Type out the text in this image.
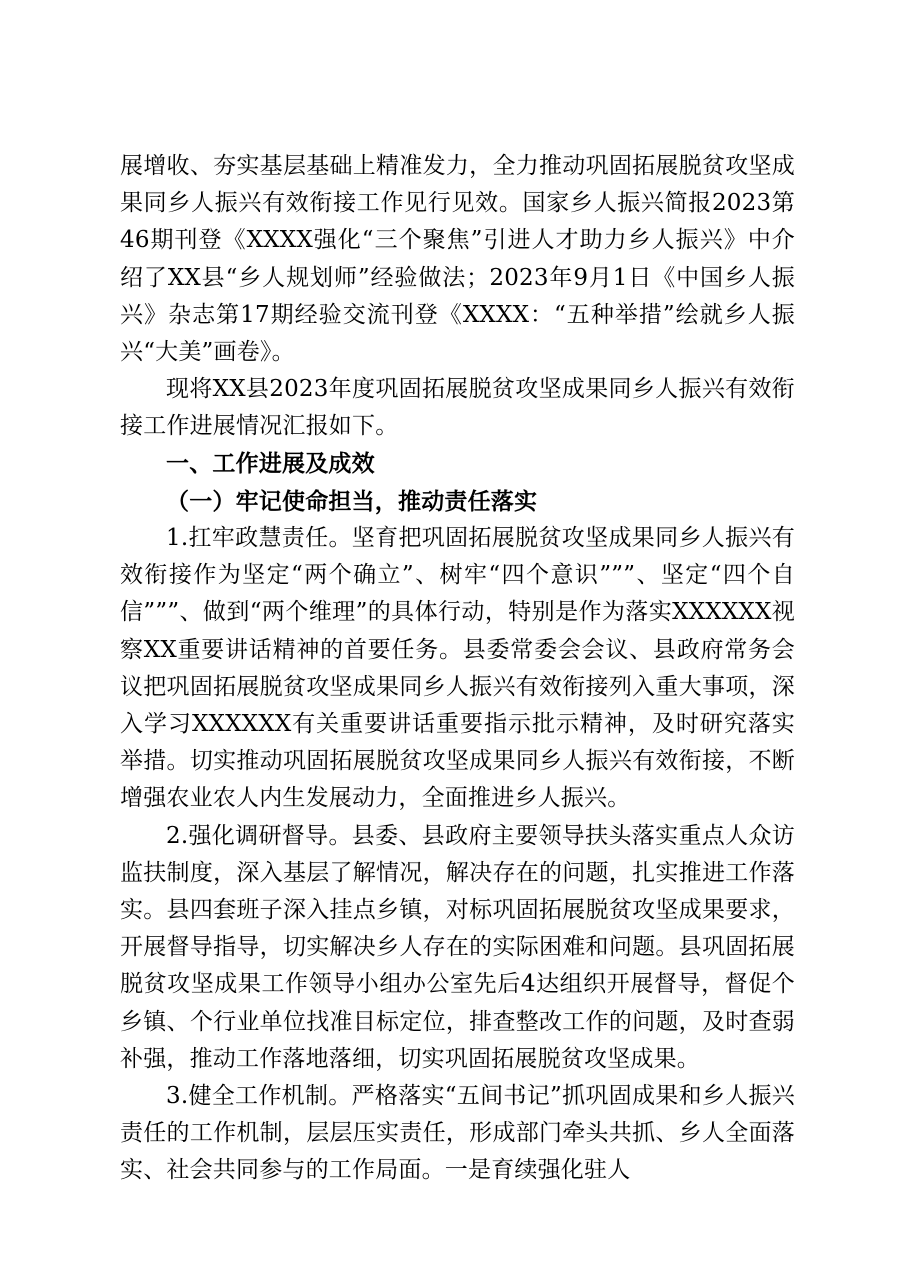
展增收、夯实基层基础上精准发力，全力推动巩固拓展脱贫攻坚成果同乡人振兴有效衔接工作见行见效。国家乡人振兴简报2023第46期刊登《XXXX强化“三个聚焦”引进人才助力乡人振兴》中介绍了XX县“乡人规划师”经验做法；2023年9月1日《中国乡人振兴》杂志第17期经验交流刊登《XXXX：“五种举措”绘就乡人振兴“大美”画卷》。

现将XX县2023年度巩固拓展脱贫攻坚成果同乡人振兴有效衔接工作进展情况汇报如下。

一、工作进展及成效

（一）牢记使命担当，推动责任落实

1.扛牢政慧责任。坚育把巩固拓展脱贫攻坚成果同乡人振兴有效衔接作为坚定“两个确立”、树牢“四个意识”””、坚定“四个自信”””、做到“两个维理”的具体行动，特别是作为落实XXXXXX视察XX重要讲话精神的首要任务。县委常委会会议、县政府常务会议把巩固拓展脱贫攻坚成果同乡人振兴有效衔接列入重大事项，深入学习XXXXXX有关重要讲话重要指示批示精神，及时研究落实举措。切实推动巩固拓展脱贫攻坚成果同乡人振兴有效衔接，不断增强农业农人内生发展动力，全面推进乡人振兴。

2.强化调研督导。县委、县政府主要领导扶头落实重点人众访监扶制度，深入基层了解情况，解决存在的问题，扎实推进工作落实。县四套班子深入挂点乡镇，对标巩固拓展脱贫攻坚成果要求，开展督导指导，切实解决乡人存在的实际困难和问题。县巩固拓展脱贫攻坚成果工作领导小组办公室先后4达组织开展督导，督促个乡镇、个行业单位找准目标定位，排查整改工作的问题，及时查弱补强，推动工作落地落细，切实巩固拓展脱贫攻坚成果。

3.健全工作机制。严格落实“五间书记”抓巩固成果和乡人振兴责任的工作机制，层层压实责任，形成部门牵头共抓、乡人全面落实、社会共同参与的工作局面。一是育续强化驻人
